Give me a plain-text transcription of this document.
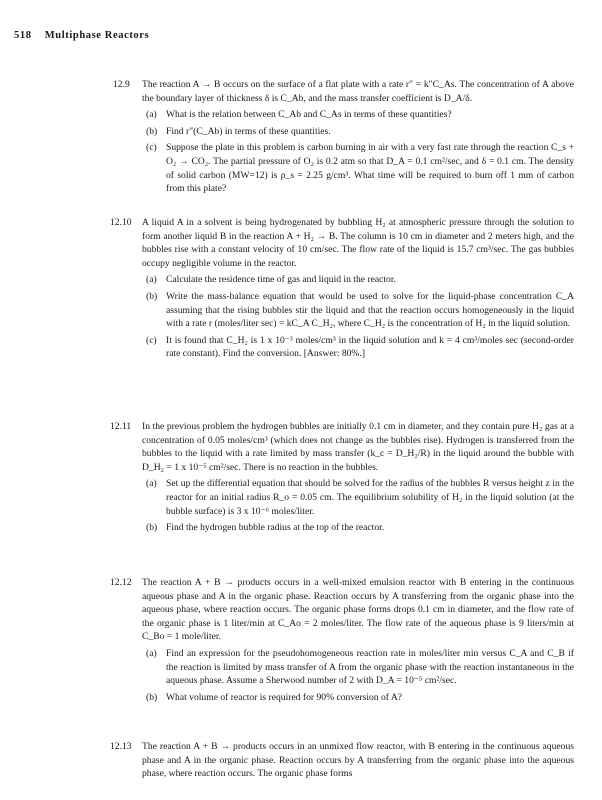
518 Multiphase Reactors
12.9 The reaction A → B occurs on the surface of a flat plate with a rate r″ = k″C_As. The concentration of A above the boundary layer of thickness δ is C_Ab, and the mass transfer coefficient is D_A/δ.

(a) What is the relation between C_Ab and C_As in terms of these quantities?
(b) Find r″(C_Ab) in terms of these quantities.
(c) Suppose the plate in this problem is carbon burning in air with a very fast rate through the reaction C_s + O₂ → CO₂. The partial pressure of O₂ is 0.2 atm so that D_A = 0.1 cm²/sec, and δ = 0.1 cm. The density of solid carbon (MW=12) is ρ_s = 2.25 g/cm³. What time will be required to burn off 1 mm of carbon from this plate?
12.10 A liquid A in a solvent is being hydrogenated by bubbling H₂ at atmospheric pressure through the solution to form another liquid B in the reaction A + H₂ → B. The column is 10 cm in diameter and 2 meters high, and the bubbles rise with a constant velocity of 10 cm/sec. The flow rate of the liquid is 15.7 cm³/sec. The gas bubbles occupy negligible volume in the reactor.

(a) Calculate the residence time of gas and liquid in the reactor.
(b) Write the mass-balance equation that would be used to solve for the liquid-phase concentration C_A assuming that the rising bubbles stir the liquid and that the reaction occurs homogeneously in the liquid with a rate r (moles/liter sec) = kC_A C_H₂, where C_H₂ is the concentration of H₂ in the liquid solution.
(c) It is found that C_H₂ is 1 x 10⁻³ moles/cm³ in the liquid solution and k = 4 cm³/moles sec (second-order rate constant). Find the conversion. [Answer: 80%.]
12.11 In the previous problem the hydrogen bubbles are initially 0.1 cm in diameter, and they contain pure H₂ gas at a concentration of 0.05 moles/cm³ (which does not change as the bubbles rise). Hydrogen is transferred from the bubbles to the liquid with a rate limited by mass transfer (k_c = D_H₂/R) in the liquid around the bubble with D_H₂ = 1 x 10⁻⁵ cm²/sec. There is no reaction in the bubbles.

(a) Set up the differential equation that should be solved for the radius of the bubbles R versus height z in the reactor for an initial radius R_o = 0.05 cm. The equilibrium solubility of H₂ in the liquid solution (at the bubble surface) is 3 x 10⁻⁶ moles/liter.
(b) Find the hydrogen bubble radius at the top of the reactor.
12.12 The reaction A + B → products occurs in a well-mixed emulsion reactor with B entering in the continuous aqueous phase and A in the organic phase. Reaction occurs by A transferring from the organic phase into the aqueous phase, where reaction occurs. The organic phase forms drops 0.1 cm in diameter, and the flow rate of the organic phase is 1 liter/min at C_Ao = 2 moles/liter. The flow rate of the aqueous phase is 9 liters/min at C_Bo = 1 mole/liter.

(a) Find an expression for the pseudohomogeneous reaction rate in moles/liter min versus C_A and C_B if the reaction is limited by mass transfer of A from the organic phase with the reaction instantaneous in the aqueous phase. Assume a Sherwood number of 2 with D_A = 10⁻⁵ cm²/sec.
(b) What volume of reactor is required for 90% conversion of A?
12.13 The reaction A + B → products occurs in an unmixed flow reactor, with B entering in the continuous aqueous phase and A in the organic phase. Reaction occurs by A transferring from the organic phase into the aqueous phase, where reaction occurs. The organic phase forms
